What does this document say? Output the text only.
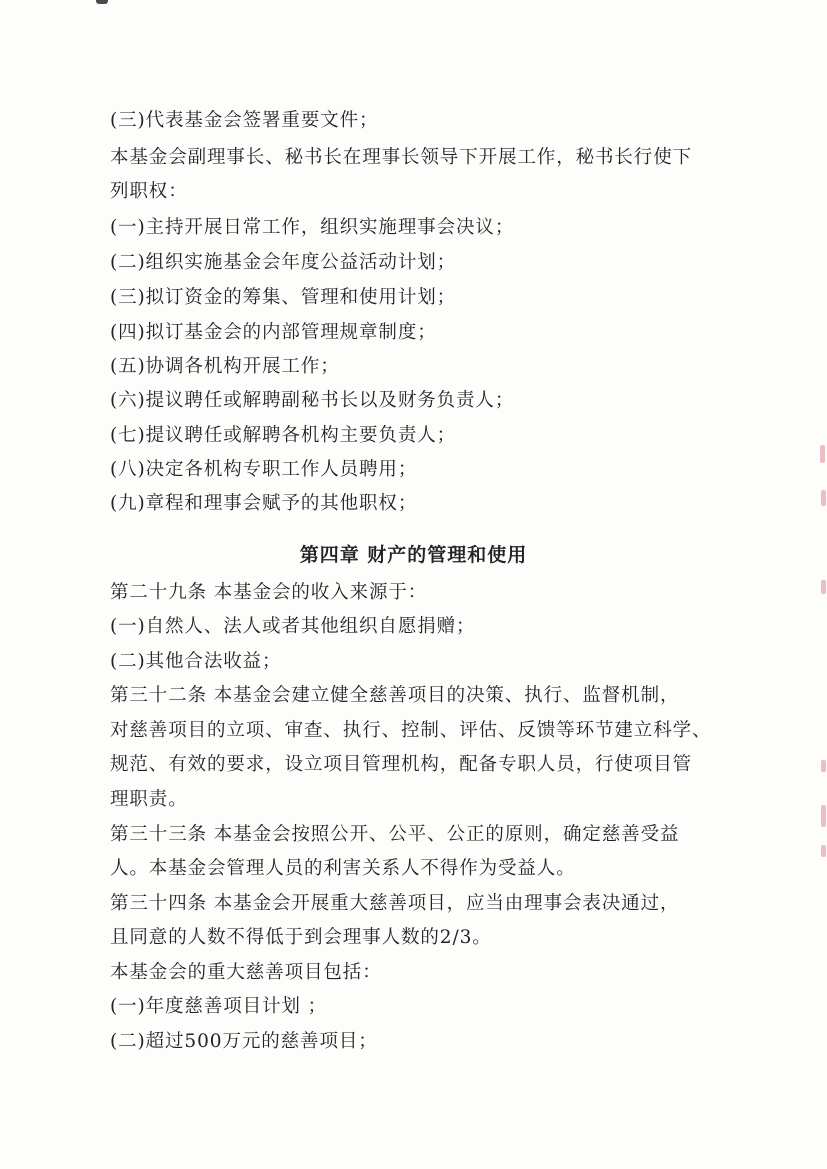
(三)代表基金会签署重要文件；
本基金会副理事长、秘书长在理事长领导下开展工作，秘书长行使下
列职权：
(一)主持开展日常工作，组织实施理事会决议；
(二)组织实施基金会年度公益活动计划；
(三)拟订资金的筹集、管理和使用计划；
(四)拟订基金会的内部管理规章制度；
(五)协调各机构开展工作；
(六)提议聘任或解聘副秘书长以及财务负责人；
(七)提议聘任或解聘各机构主要负责人；
(八)决定各机构专职工作人员聘用；
(九)章程和理事会赋予的其他职权；
第四章 财产的管理和使用
第二十九条 本基金会的收入来源于：
(一)自然人、法人或者其他组织自愿捐赠；
(二)其他合法收益；
第三十二条 本基金会建立健全慈善项目的决策、执行、监督机制，
对慈善项目的立项、审查、执行、控制、评估、反馈等环节建立科学、
规范、有效的要求，设立项目管理机构，配备专职人员，行使项目管
理职责。
第三十三条 本基金会按照公开、公平、公正的原则，确定慈善受益
人。本基金会管理人员的利害关系人不得作为受益人。
第三十四条 本基金会开展重大慈善项目，应当由理事会表决通过，
且同意的人数不得低于到会理事人数的2/3。
本基金会的重大慈善项目包括：
(一)年度慈善项目计划 ；
(二)超过500万元的慈善项目；
